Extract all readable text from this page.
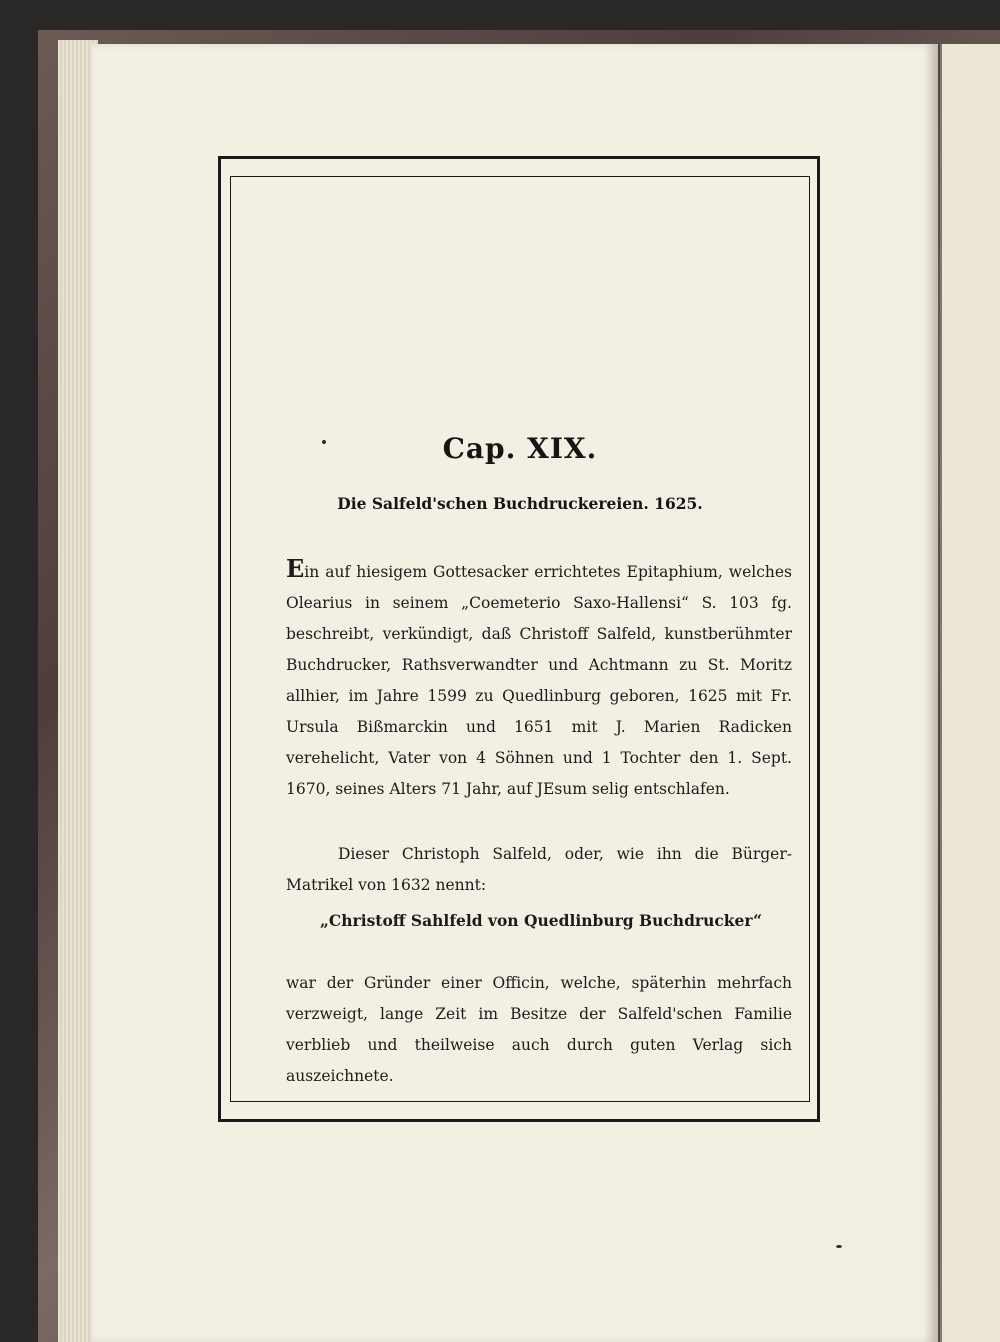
Cap. XIX.
Die Salfeld'schen Buchdruckereien. 1625.
Ein auf hiesigem Gottesacker errichtetes Epitaphium, welches Olearius in seinem „Coemeterio Saxo-Hallensi“ S. 103 fg. beschreibt, verkündigt, daß Christoff Salfeld, kunstberühmter Buchdrucker, Rathsverwandter und Achtmann zu St. Moritz allhier, im Jahre 1599 zu Quedlinburg geboren, 1625 mit Fr. Ursula Bißmarckin und 1651 mit J. Marien Radicken verehelicht, Vater von 4 Söhnen und 1 Tochter den 1. Sept. 1670, seines Alters 71 Jahr, auf JEsum selig entschlafen.
Dieser Christoph Salfeld, oder, wie ihn die Bürger-Matrikel von 1632 nennt:
„Christoff Sahlfeld von Quedlinburg Buchdrucker“
war der Gründer einer Officin, welche, späterhin mehrfach verzweigt, lange Zeit im Besitze der Salfeld'schen Familie verblieb und theilweise auch durch guten Verlag sich auszeichnete.
